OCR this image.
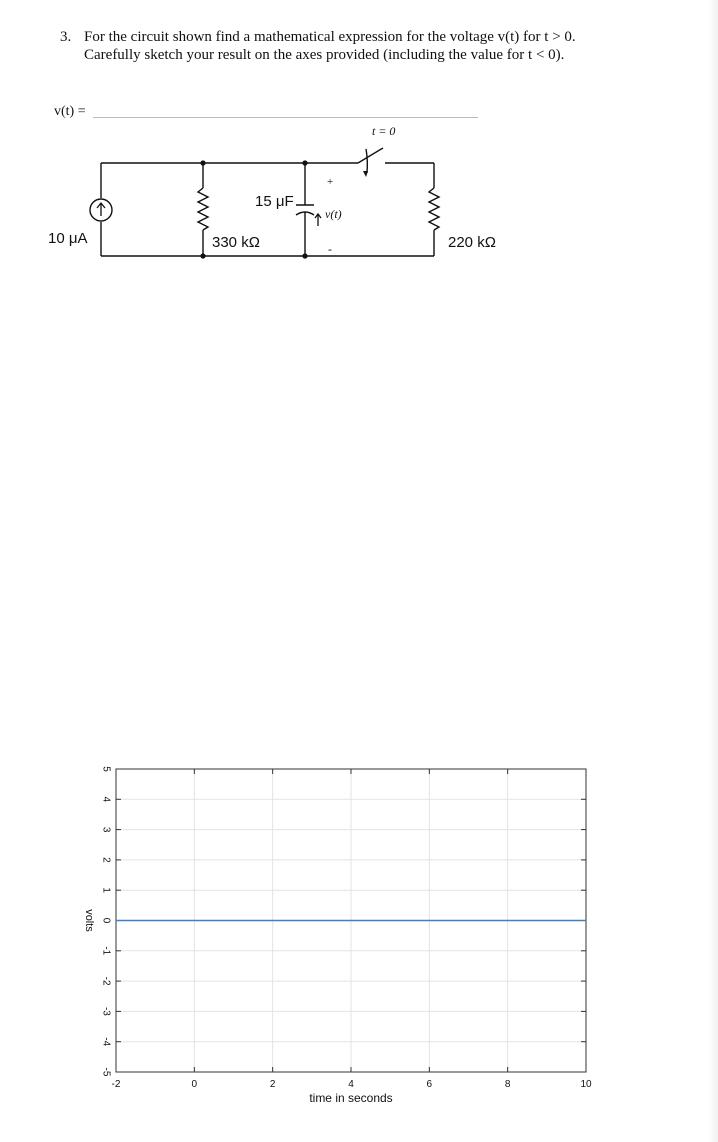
3. For the circuit shown find a mathematical expression for the voltage v(t) for t > 0.
Carefully sketch your result on the axes provided (including the value for t < 0).
v(t) =
t = 0
10 μA	330 kΩ
15 μF
220 kΩ
v(t)
+
-
-2	0	2	4	6	8	10
5
4
3
2
1
0
-1
-2
-3
-4
-5
time in seconds
volts
